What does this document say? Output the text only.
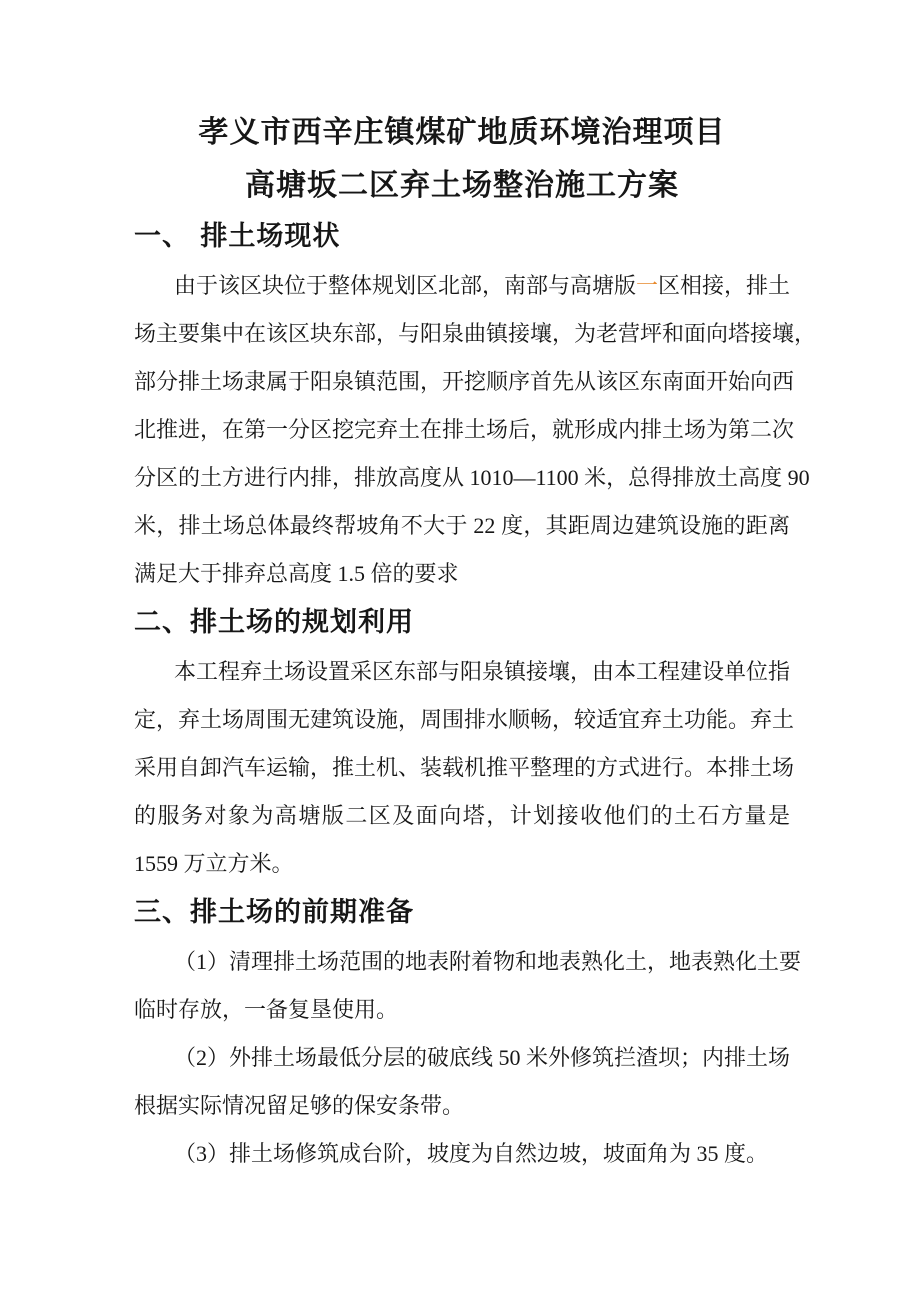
孝义市西辛庄镇煤矿地质环境治理项目
高塘坂二区弃土场整治施工方案
一、 排土场现状
由于该区块位于整体规划区北部，南部与高塘版一区相接，排土
场主要集中在该区块东部，与阳泉曲镇接壤，为老营坪和面向塔接壤，
部分排土场隶属于阳泉镇范围，开挖顺序首先从该区东南面开始向西
北推进，在第一分区挖完弃土在排土场后，就形成内排土场为第二次
分区的土方进行内排，排放高度从 1010—1100 米，总得排放土高度 90
米，排土场总体最终帮坡角不大于 22 度，其距周边建筑设施的距离
满足大于排弃总高度 1.5 倍的要求
二、排土场的规划利用
本工程弃土场设置采区东部与阳泉镇接壤，由本工程建设单位指
定，弃土场周围无建筑设施，周围排水顺畅，较适宜弃土功能。弃土
采用自卸汽车运输，推土机、装载机推平整理的方式进行。本排土场
的服务对象为高塘版二区及面向塔，计划接收他们的土石方量是
1559 万立方米。
三、排土场的前期准备
（1）清理排土场范围的地表附着物和地表熟化土，地表熟化土要
临时存放，一备复垦使用。
（2）外排土场最低分层的破底线 50 米外修筑拦渣坝；内排土场
根据实际情况留足够的保安条带。
（3）排土场修筑成台阶，坡度为自然边坡，坡面角为 35 度。
